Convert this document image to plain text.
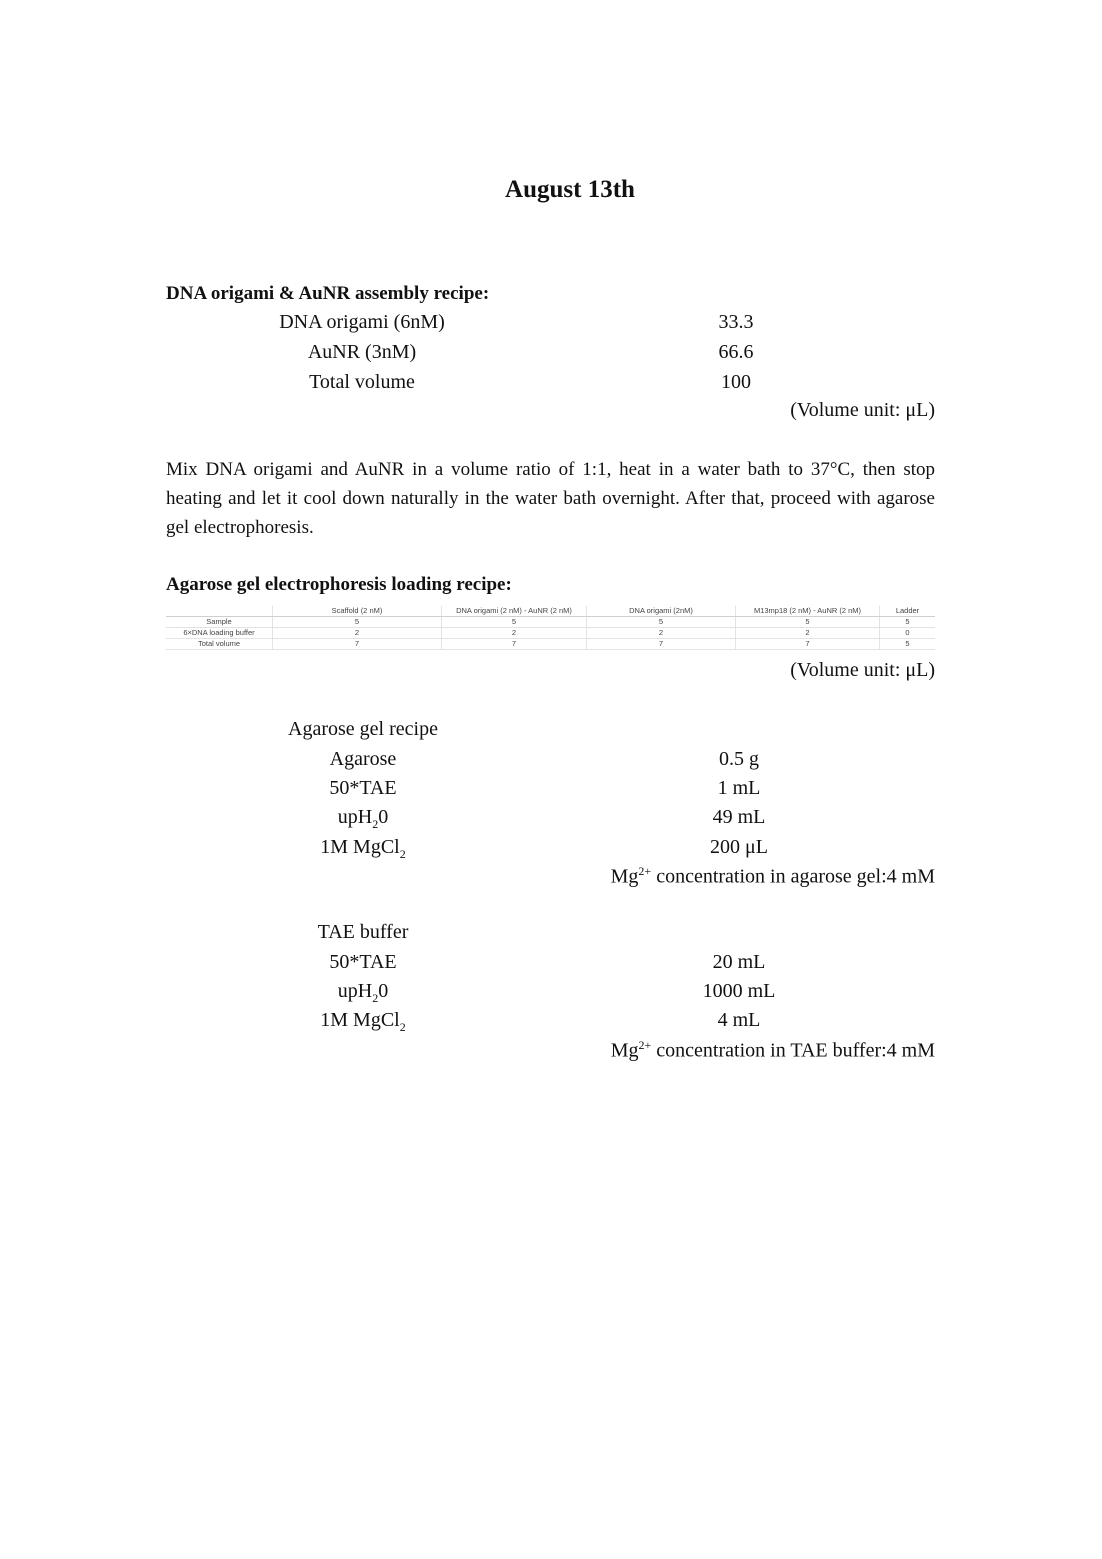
August 13th
DNA origami & AuNR assembly recipe:
DNA origami (6nM)	33.3
AuNR (3nM)	66.6
Total volume	100
(Volume unit: μL)

Mix DNA origami and AuNR in a volume ratio of 1:1, heat in a water bath to 37°C, then stop heating and let it cool down naturally in the water bath overnight. After that, proceed with agarose gel electrophoresis.

Agarose gel electrophoresis loading recipe:
	Scaffold (2 nM)	DNA origami (2 nM) - AuNR (2 nM)	DNA origami (2nM)	M13mp18 (2 nM) - AuNR (2 nM)	Ladder
Sample	5	5	5	5	5
6×DNA loading buffer	2	2	2	2	0
Total volume	7	7	7	7	5
(Volume unit: μL)
Agarose gel recipe
Agarose	0.5 g
50*TAE	1 mL
upH$_2$0	49 mL
1M MgCl$_2$	200 μL
$Mg^{2+}$ concentration in agarose gel:4 mM
TAE buffer
50*TAE	20 mL
upH$_2$0	1000 mL
1M MgCl$_2$	4 mL
$Mg^{2+}$ concentration in TAE buffer:4 mM
